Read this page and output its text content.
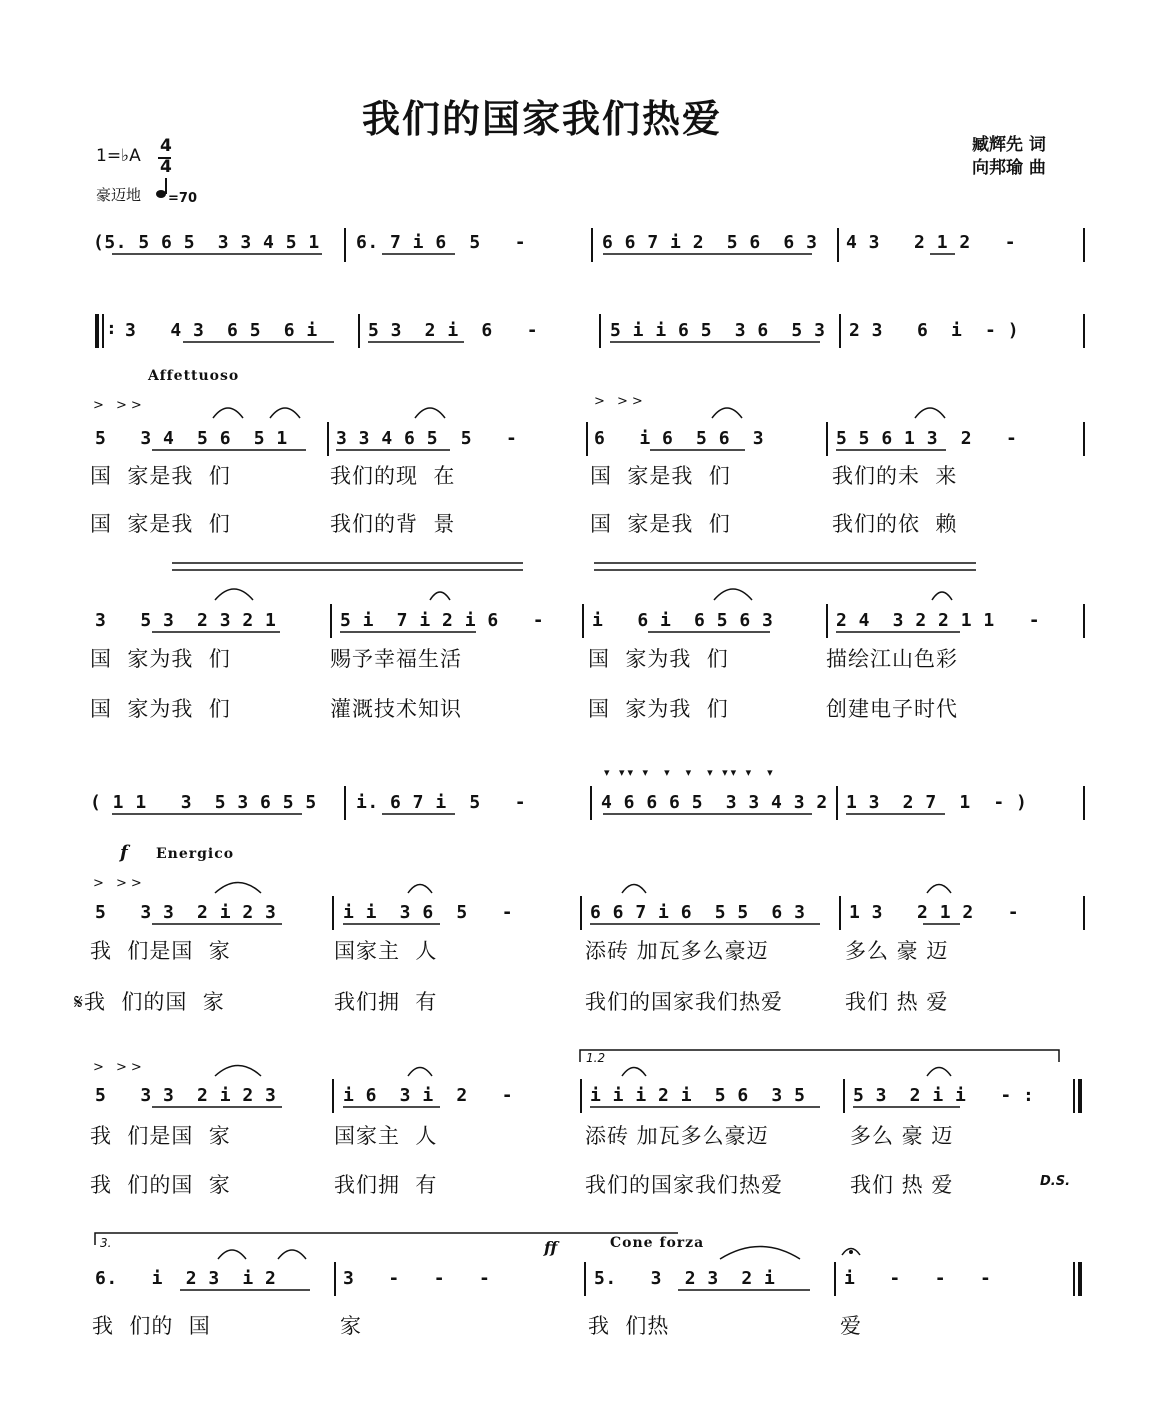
我们的国家我们热爱
臧辉先 词
向邦瑜 曲
1=♭A 4
4
豪迈地 =70
(5. 5 6 5  3 3 4 5 1 6. 7 i 6  5   -	6 6 7 i 2  5 6  6 3 4 3   2 1 2   -
: 3   4 3  6 5  6 i	5 3  2 i  6   -	5 i i 6 5  3 6  5 3 2 3   6  i  - )
Affettuoso
> >>	> >>
5   3 4  5 6  5 1	3 3 4 6 5  5   -	6   i 6  5 6  3	5 5 6 1 3  2   -
国  家是我  们	我们的现  在	国  家是我  们	我们的未  来
国  家是我  们	我们的背  景	国  家是我  们	我们的依  赖
3   5 3  2 3 2 1	5 i  7 i 2 i 6   -	i   6 i  6 5 6 3	2 4  3 2 2 1 1   -
国  家为我  们	赐予幸福生活	国  家为我  们	描绘江山色彩
国  家为我  们	灌溉技术知识	国  家为我  们	创建电子时代
▾ ▾▾ ▾  ▾  ▾  ▾ ▾▾ ▾  ▾
( 1 1   3  5 3 6 5 5 i. 6 7 i  5   -	4 6 6 6 5  3 3 4 3 2 1 3  2 7  1  - )
f Energico
> >>
5   3 3  2 i 2 3	i i  3 6  5   -	6 6 7 i 6  5 5  6 3 1 3   2 1 2   -
我  们是国  家	国家主  人	添砖 加瓦多么豪迈	多么 豪 迈
𝄋我  们的国  家	我们拥  有	我们的国家我们热爱	我们 热 爱
> >>
1.2
5   3 3  2 i 2 3	i 6  3 i  2   -	i i i 2 i  5 6  3 5	5 3  2 i i   - :
我  们是国  家	国家主  人	添砖 加瓦多么豪迈	多么 豪 迈
我  们的国  家	我们拥  有	我们的国家我们热爱	我们 热 爱	D.S.
3.	ff	Cone forza
6.   i  2 3  i 2	3   -   -   -	5.   3  2 3  2 i	i   -   -   -
我  们的  国	家	我  们热	爱
